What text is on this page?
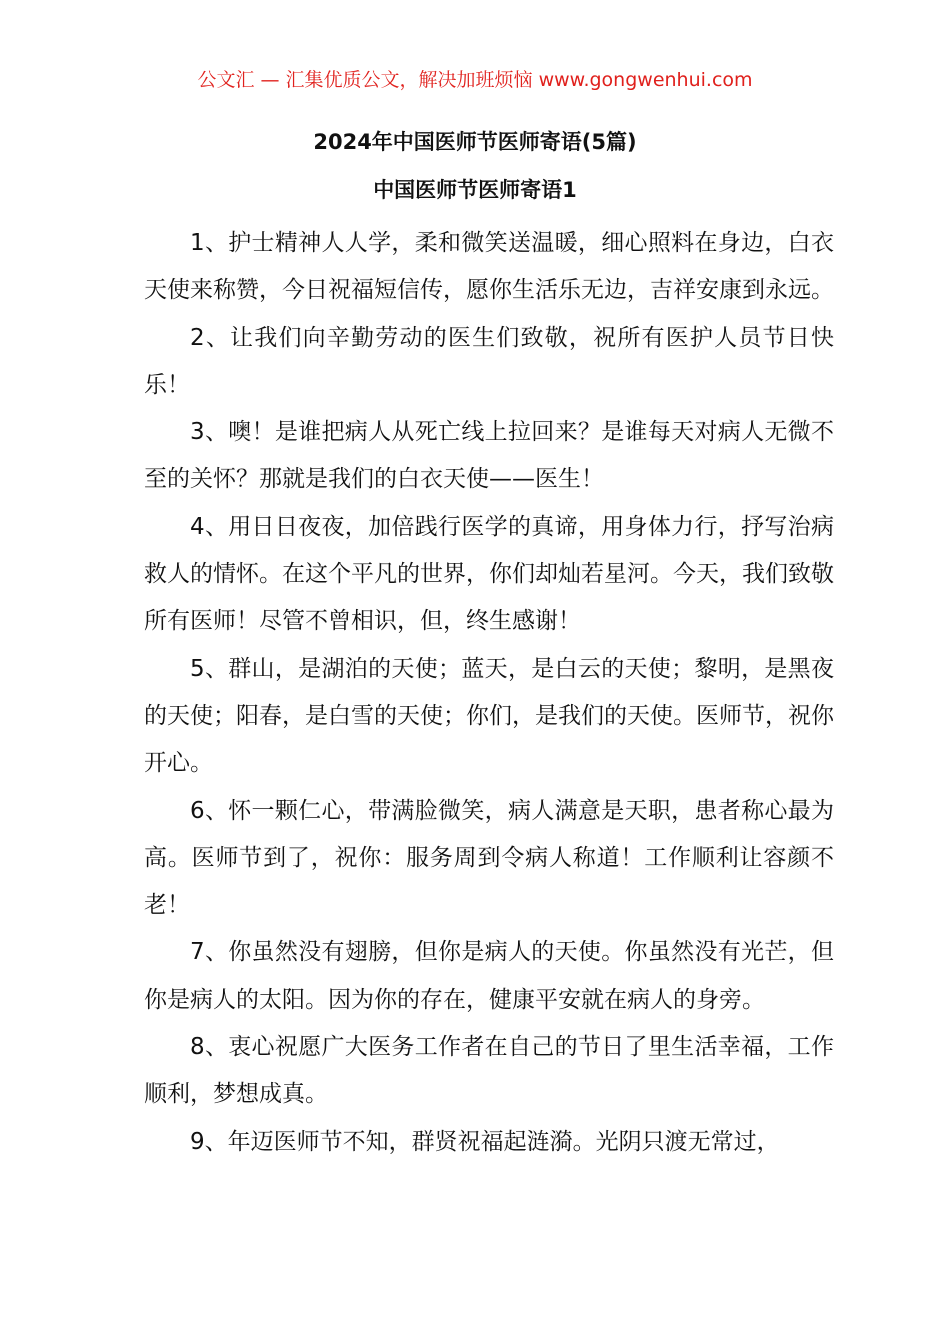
公文汇 — 汇集优质公文，解决加班烦恼 www.gongwenhui.com
2024年中国医师节医师寄语(5篇)
中国医师节医师寄语1

1、护士精神人人学，柔和微笑送温暖，细心照料在身边，白衣天使来称赞，今日祝福短信传，愿你生活乐无边，吉祥安康到永远。

2、让我们向辛勤劳动的医生们致敬，祝所有医护人员节日快乐！

3、噢！是谁把病人从死亡线上拉回来？是谁每天对病人无微不至的关怀？那就是我们的白衣天使——医生！

4、用日日夜夜，加倍践行医学的真谛，用身体力行，抒写治病救人的情怀。在这个平凡的世界，你们却灿若星河。今天，我们致敬所有医师！尽管不曾相识，但，终生感谢！

5、群山，是湖泊的天使；蓝天，是白云的天使；黎明，是黑夜的天使；阳春，是白雪的天使；你们，是我们的天使。医师节，祝你开心。

6、怀一颗仁心，带满脸微笑，病人满意是天职，患者称心最为高。医师节到了，祝你：服务周到令病人称道！工作顺利让容颜不老！

7、你虽然没有翅膀，但你是病人的天使。你虽然没有光芒，但你是病人的太阳。因为你的存在，健康平安就在病人的身旁。

8、衷心祝愿广大医务工作者在自己的节日了里生活幸福，工作顺利，梦想成真。

9、年迈医师节不知，群贤祝福起涟漪。光阴只渡无常过，
